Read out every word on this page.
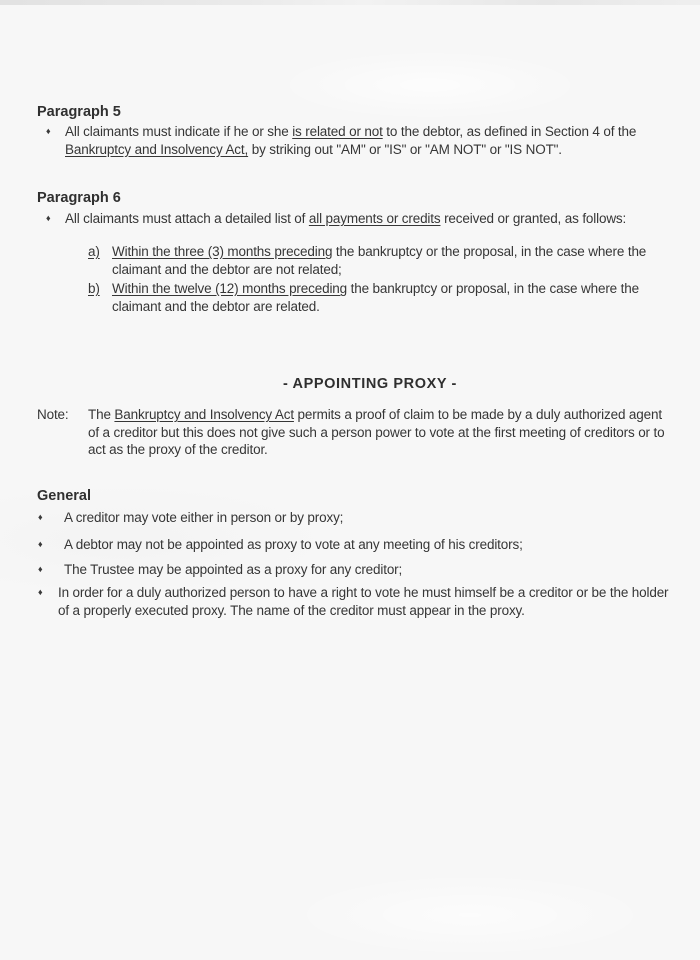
Paragraph 5
♦	All claimants must indicate if he or she is related or not to the debtor, as defined in Section 4 of the Bankruptcy and Insolvency Act, by striking out "AM" or "IS" or "AM NOT" or "IS NOT".
Paragraph 6
♦	All claimants must attach a detailed list of all payments or credits received or granted, as follows:
a) Within the three (3) months preceding the bankruptcy or the proposal, in the case where the claimant and the debtor are not related;
b) Within the twelve (12) months preceding the bankruptcy or proposal, in the case where the claimant and the debtor are related.
- APPOINTING PROXY -
Note:	The Bankruptcy and Insolvency Act permits a proof of claim to be made by a duly authorized agent of a creditor but this does not give such a person power to vote at the first meeting of creditors or to act as the proxy of the creditor.
General
♦	A creditor may vote either in person or by proxy;
♦	A debtor may not be appointed as proxy to vote at any meeting of his creditors;
♦	The Trustee may be appointed as a proxy for any creditor;
♦	In order for a duly authorized person to have a right to vote he must himself be a creditor or be the holder of a properly executed proxy. The name of the creditor must appear in the proxy.
